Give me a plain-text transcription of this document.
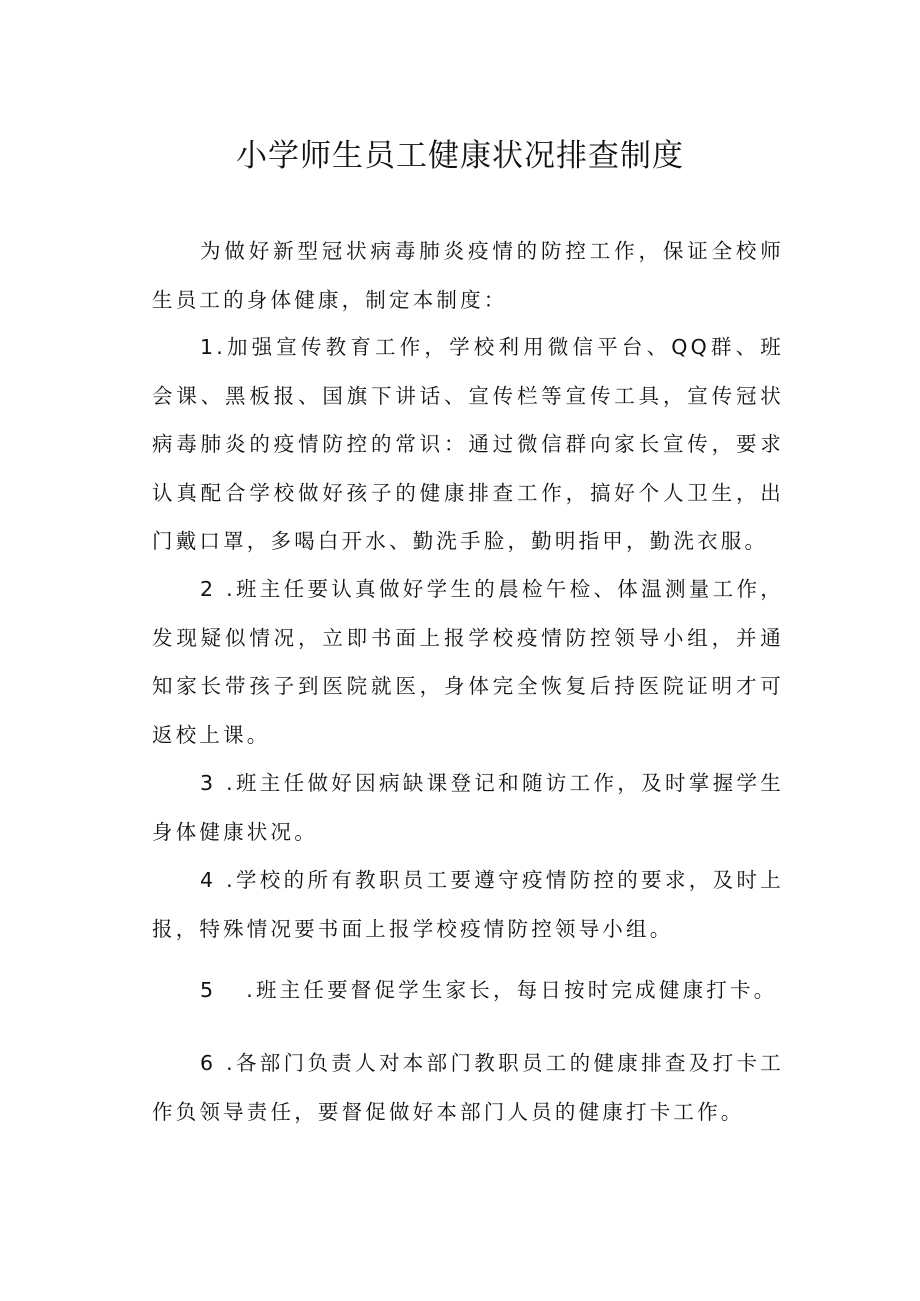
小学师生员工健康状况排查制度

为做好新型冠状病毒肺炎疫情的防控工作，保证全校师生员工的身体健康，制定本制度：

1.加强宣传教育工作，学校利用微信平台、QQ群、班会课、黑板报、国旗下讲话、宣传栏等宣传工具，宣传冠状病毒肺炎的疫情防控的常识：通过微信群向家长宣传，要求认真配合学校做好孩子的健康排查工作，搞好个人卫生，出门戴口罩，多喝白开水、勤洗手脸，勤明指甲，勤洗衣服。

2 .班主任要认真做好学生的晨检午检、体温测量工作，发现疑似情况，立即书面上报学校疫情防控领导小组，并通知家长带孩子到医院就医，身体完全恢复后持医院证明才可返校上课。

3 .班主任做好因病缺课登记和随访工作，及时掌握学生身体健康状况。

4 .学校的所有教职员工要遵守疫情防控的要求，及时上报，特殊情况要书面上报学校疫情防控领导小组。

5 .班主任要督促学生家长，每日按时完成健康打卡。

6 .各部门负责人对本部门教职员工的健康排查及打卡工作负领导责任，要督促做好本部门人员的健康打卡工作。
